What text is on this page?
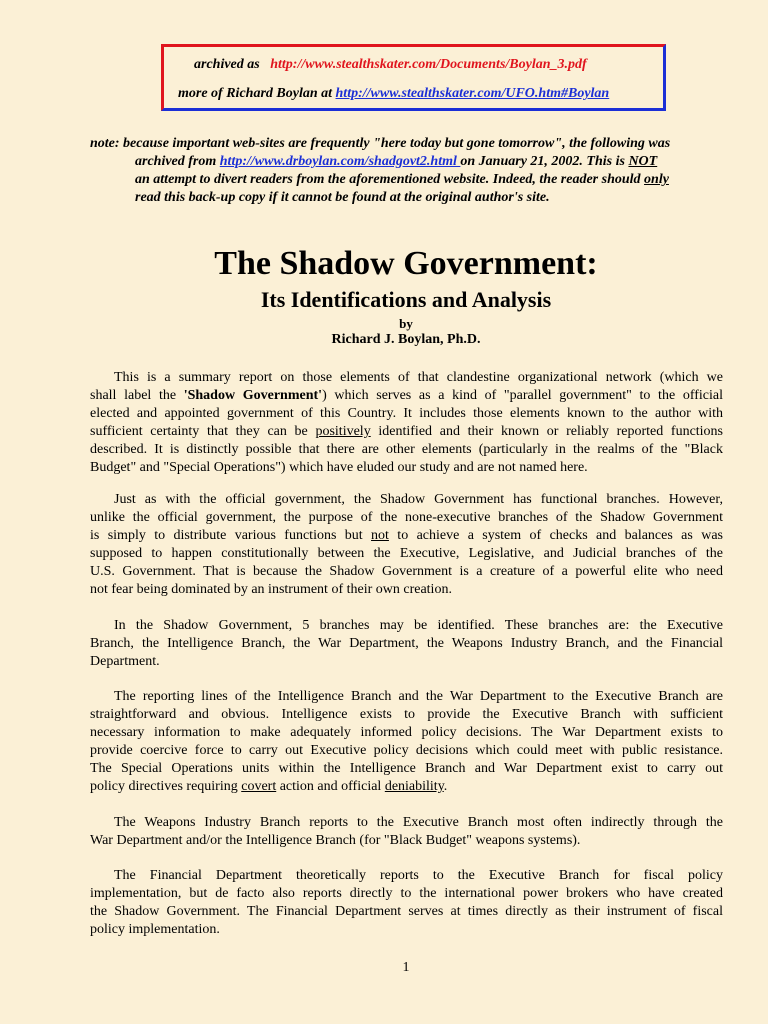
archived as http://www.stealthskater.com/Documents/Boylan_3.pdf
more of Richard Boylan at http://www.stealthskater.com/UFO.htm#Boylan
note: because important web-sites are frequently "here today but gone tomorrow", the following was
archived from http://www.drboylan.com/shadgovt2.html on January 21, 2002. This is NOT
an attempt to divert readers from the aforementioned website. Indeed, the reader should only
read this back-up copy if it cannot be found at the original author's site.
The Shadow Government:
Its Identifications and Analysis
by
Richard J. Boylan, Ph.D.
This is a summary report on those elements of that clandestine organizational network (which we
shall label the 'Shadow Government') which serves as a kind of "parallel government" to the official
elected and appointed government of this Country. It includes those elements known to the author with
sufficient certainty that they can be positively identified and their known or reliably reported functions
described. It is distinctly possible that there are other elements (particularly in the realms of the "Black
Budget" and "Special Operations") which have eluded our study and are not named here.
Just as with the official government, the Shadow Government has functional branches. However,
unlike the official government, the purpose of the none-executive branches of the Shadow Government
is simply to distribute various functions but not to achieve a system of checks and balances as was
supposed to happen constitutionally between the Executive, Legislative, and Judicial branches of the
U.S. Government. That is because the Shadow Government is a creature of a powerful elite who need
not fear being dominated by an instrument of their own creation.
In the Shadow Government, 5 branches may be identified. These branches are: the Executive
Branch, the Intelligence Branch, the War Department, the Weapons Industry Branch, and the Financial
Department.
The reporting lines of the Intelligence Branch and the War Department to the Executive Branch are
straightforward and obvious. Intelligence exists to provide the Executive Branch with sufficient
necessary information to make adequately informed policy decisions. The War Department exists to
provide coercive force to carry out Executive policy decisions which could meet with public resistance.
The Special Operations units within the Intelligence Branch and War Department exist to carry out
policy directives requiring covert action and official deniability.
The Weapons Industry Branch reports to the Executive Branch most often indirectly through the
War Department and/or the Intelligence Branch (for "Black Budget" weapons systems).
The Financial Department theoretically reports to the Executive Branch for fiscal policy
implementation, but de facto also reports directly to the international power brokers who have created
the Shadow Government. The Financial Department serves at times directly as their instrument of fiscal
policy implementation.
1
